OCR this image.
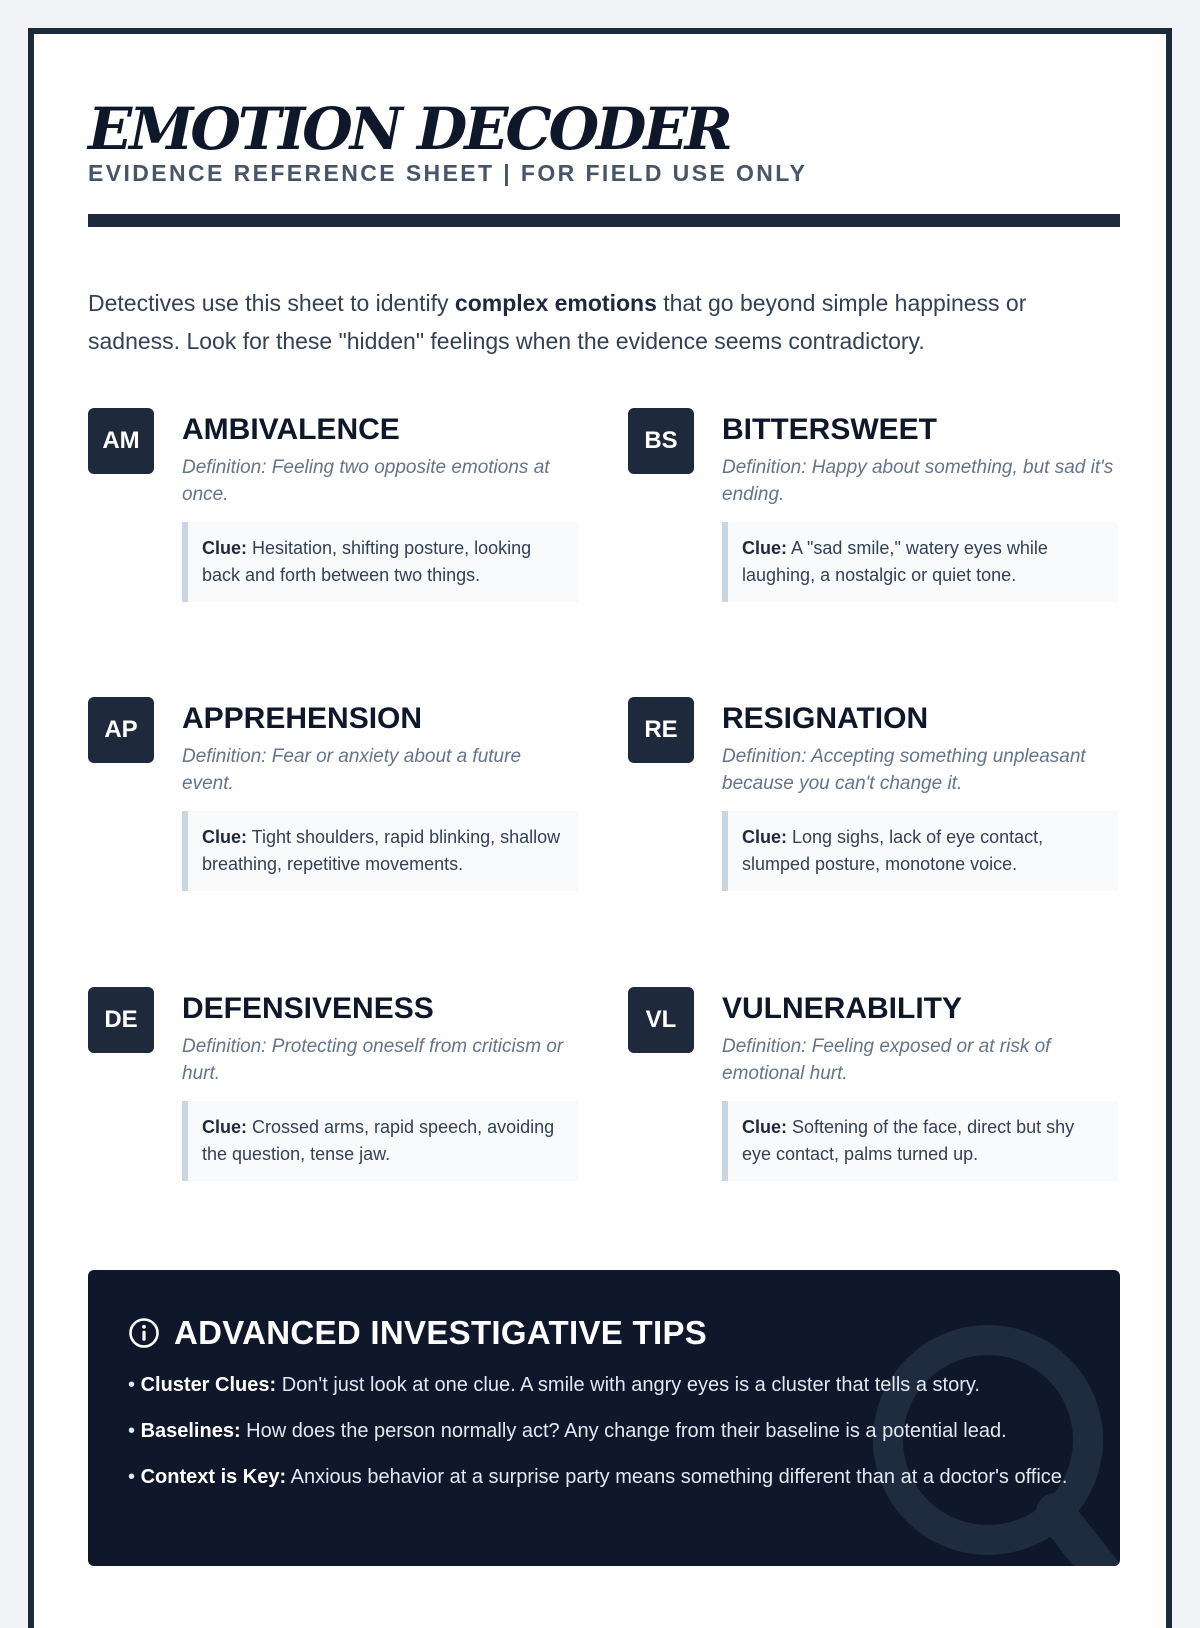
EMOTION DECODER
EVIDENCE REFERENCE SHEET | FOR FIELD USE ONLY

Detectives use this sheet to identify complex emotions that go beyond simple happiness or sadness. Look for these "hidden" feelings when the evidence seems contradictory.

AM	AMBIVALENCE

Definition: Feeling two opposite emotions at once.

Clue: Hesitation, shifting posture, looking back and forth between two things.
BS	BITTERSWEET

Definition: Happy about something, but sad it's ending.

Clue: A "sad smile," watery eyes while laughing, a nostalgic or quiet tone.
AP	APPREHENSION

Definition: Fear or anxiety about a future event.

Clue: Tight shoulders, rapid blinking, shallow breathing, repetitive movements.
RE	RESIGNATION

Definition: Accepting something unpleasant because you can't change it.

Clue: Long sighs, lack of eye contact, slumped posture, monotone voice.
DE	DEFENSIVENESS

Definition: Protecting oneself from criticism or hurt.

Clue: Crossed arms, rapid speech, avoiding the question, tense jaw.
VL	VULNERABILITY

Definition: Feeling exposed or at risk of emotional hurt.

Clue: Softening of the face, direct but shy eye contact, palms turned up.
ADVANCED INVESTIGATIVE TIPS
• Cluster Clues: Don't just look at one clue. A smile with angry eyes is a cluster that tells a story.
• Baselines: How does the person normally act? Any change from their baseline is a potential lead.
• Context is Key: Anxious behavior at a surprise party means something different than at a doctor's office.
